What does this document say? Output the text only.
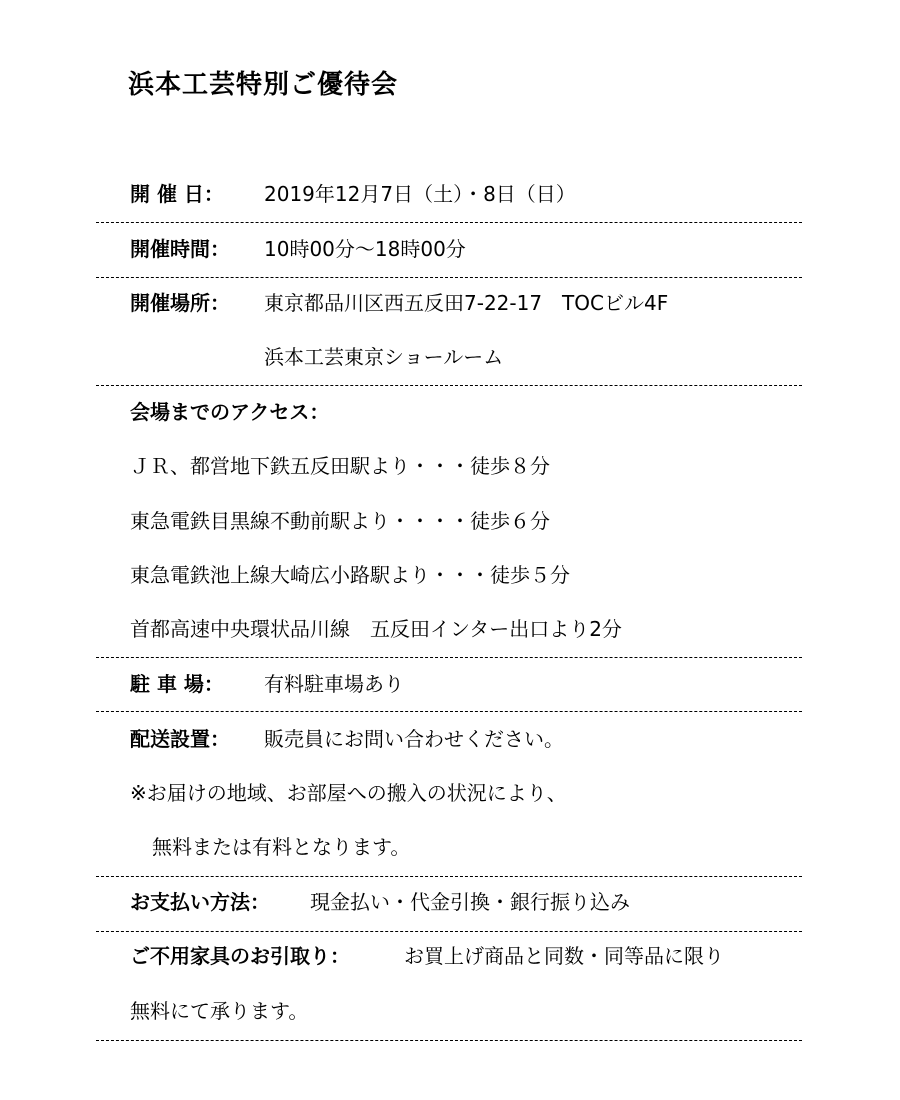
浜本工芸特別ご優待会
開 催 日： 2019年12月7日（土）・8日（日）
開催時間： 10時00分～18時00分
開催場所： 東京都品川区西五反田7-22-17　TOCビル4F
浜本工芸東京ショールーム
会場までのアクセス：
ＪＲ、都営地下鉄五反田駅より・・・徒歩８分
東急電鉄目黒線不動前駅より・・・・徒歩６分
東急電鉄池上線大崎広小路駅より・・・徒歩５分
首都高速中央環状品川線　五反田インター出口より2分
駐 車 場： 有料駐車場あり
配送設置： 販売員にお問い合わせください。
※お届けの地域、お部屋への搬入の状況により、
無料または有料となります。
お支払い方法： 現金払い・代金引換・銀行振り込み
ご不用家具のお引取り：	お買上げ商品と同数・同等品に限り
無料にて承ります。
